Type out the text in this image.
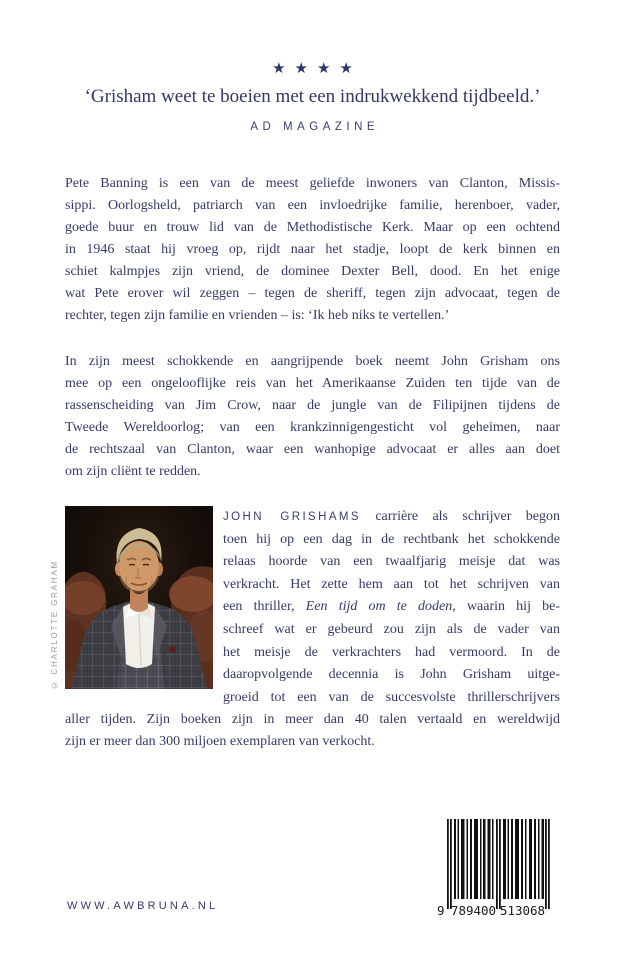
★★★★
‘Grisham weet te boeien met een indrukwekkend tijdbeeld.’
AD MAGAZINE
Pete Banning is een van de meest geliefde inwoners van Clanton, Missis-
sippi. Oorlogsheld, patriarch van een invloedrijke familie, herenboer, vader,
goede buur en trouw lid van de Methodistische Kerk. Maar op een ochtend
in 1946 staat hij vroeg op, rijdt naar het stadje, loopt de kerk binnen en
schiet kalmpjes zijn vriend, de dominee Dexter Bell, dood. En het enige
wat Pete erover wil zeggen – tegen de sheriff, tegen zijn advocaat, tegen de
rechter, tegen zijn familie en vrienden – is: ‘Ik heb niks te vertellen.’
In zijn meest schokkende en aangrijpende boek neemt John Grisham ons
mee op een ongelooflijke reis van het Amerikaanse Zuiden ten tijde van de
rassenscheiding van Jim Crow, naar de jungle van de Filipijnen tijdens de
Tweede Wereldoorlog; van een krankzinnigengesticht vol geheimen, naar
de rechtszaal van Clanton, waar een wanhopige advocaat er alles aan doet
om zijn cliënt te redden.
© CHARLOTTE GRAHAM
JOHN GRISHAMS carrière als schrijver begon
toen hij op een dag in de rechtbank het schokkende
relaas hoorde van een twaalfjarig meisje dat was
verkracht. Het zette hem aan tot het schrijven van
een thriller, Een tijd om te doden, waarin hij be-
schreef wat er gebeurd zou zijn als de vader van
het meisje de verkrachters had vermoord. In de
daaropvolgende decennia is John Grisham uitge-
groeid tot een van de succesvolste thrillerschrijvers
aller tijden. Zijn boeken zijn in meer dan 40 talen vertaald en wereldwijd
zijn er meer dan 300 miljoen exemplaren van verkocht.
WWW.AWBRUNA.NL	9 789400 513068
